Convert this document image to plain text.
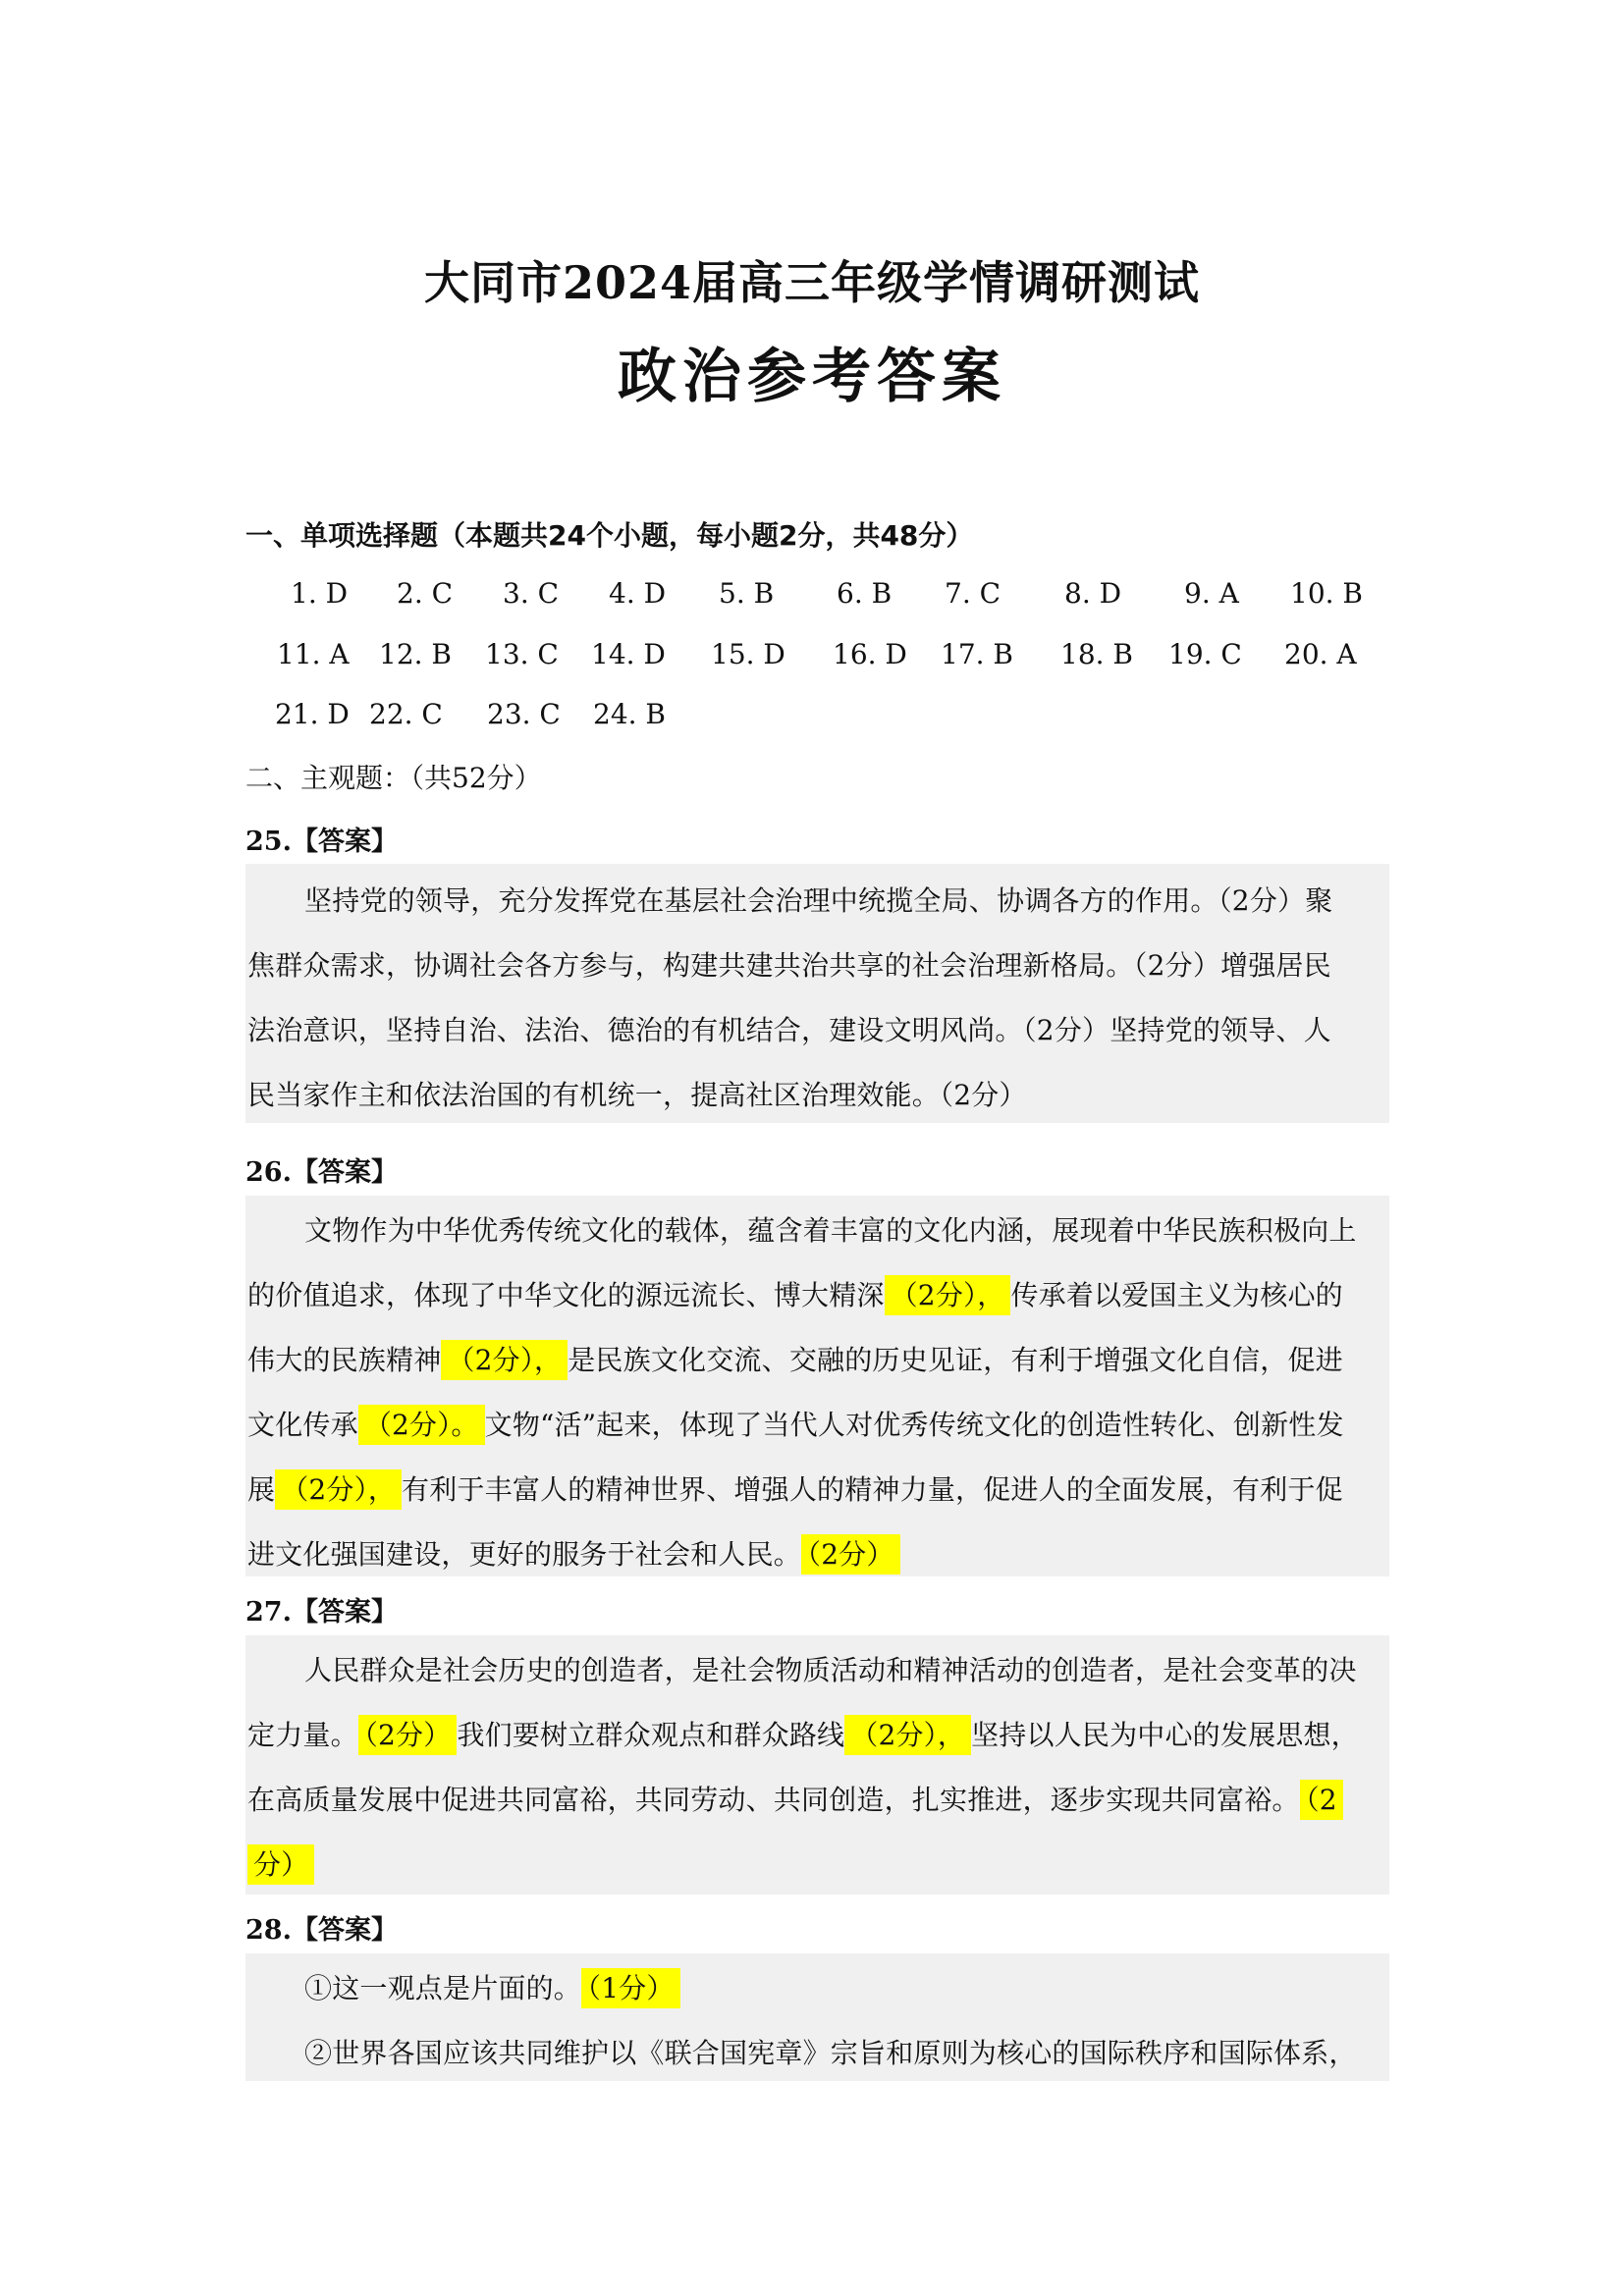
大同市2024届高三年级学情调研测试
政治参考答案
一、单项选择题（本题共24个小题，每小题2分，共48分）
1. D 2. C 3. C 4. D 5. B 6. B 7. C 8. D 9. A 10. B
11. A 12. B 13. C 14. D 15. D 16. D 17. B 18. B 19. C 20. A
21. D 22. C 23. C 24. B
二、主观题：（共52分）
25.【答案】
坚持党的领导，充分发挥党在基层社会治理中统揽全局、协调各方的作用。（2分）聚
焦群众需求，协调社会各方参与，构建共建共治共享的社会治理新格局。（2分）增强居民
法治意识，坚持自治、法治、德治的有机结合，建设文明风尚。（2分）坚持党的领导、人
民当家作主和依法治国的有机统一，提高社区治理效能。（2分）
26.【答案】
文物作为中华优秀传统文化的载体，蕴含着丰富的文化内涵，展现着中华民族积极向上
的价值追求，体现了中华文化的源远流长、博大精深 （2分）， 传承着以爱国主义为核心的
伟大的民族精神 （2分）， 是民族文化交流、交融的历史见证，有利于增强文化自信，促进
文化传承 （2分）。 文物“活”起来，体现了当代人对优秀传统文化的创造性转化、创新性发
展 （2分）， 有利于丰富人的精神世界、增强人的精神力量，促进人的全面发展，有利于促
进文化强国建设，更好的服务于社会和人民。 （2分）
27.【答案】
人民群众是社会历史的创造者，是社会物质活动和精神活动的创造者，是社会变革的决
定力量。 （2分） 我们要树立群众观点和群众路线 （2分）， 坚持以人民为中心的发展思想，
在高质量发展中促进共同富裕，共同劳动、共同创造，扎实推进，逐步实现共同富裕。 （2
分）
28.【答案】
①这一观点是片面的。 （1分）
②世界各国应该共同维护以《联合国宪章》宗旨和原则为核心的国际秩序和国际体系，
